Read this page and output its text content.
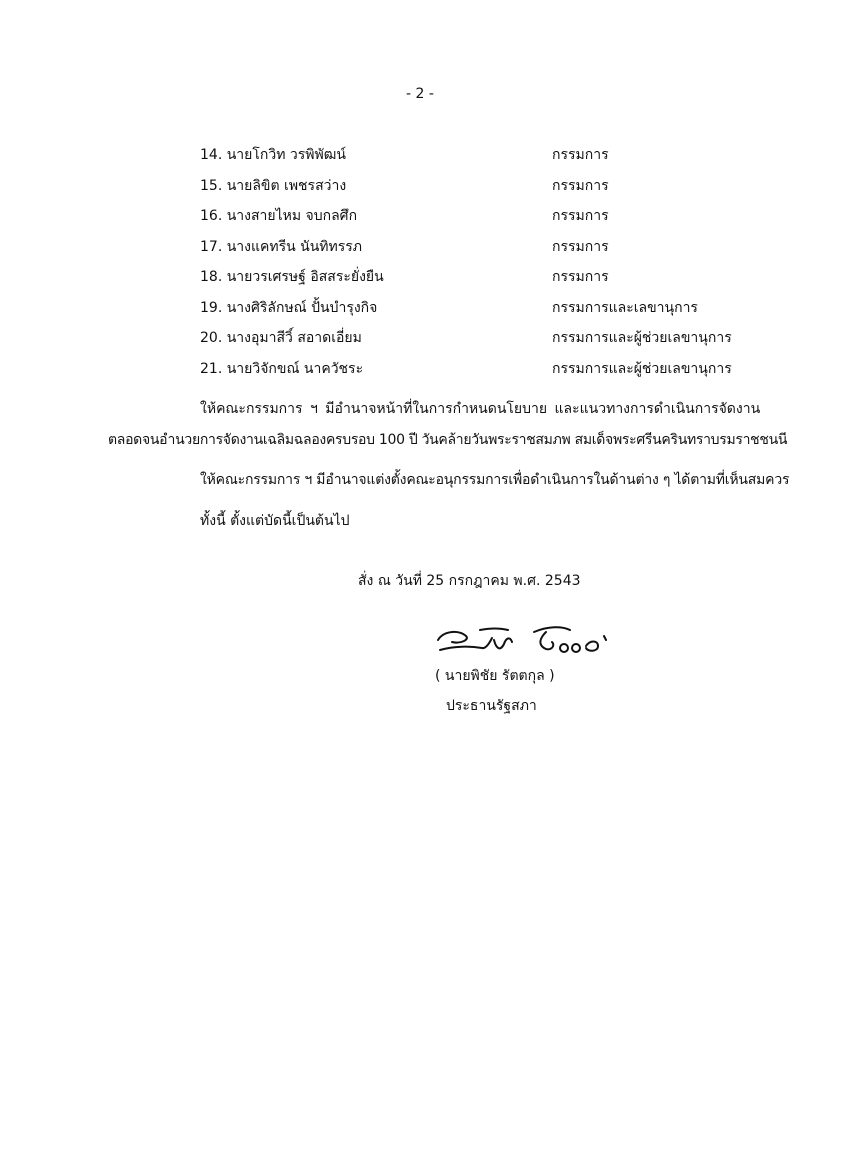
- 2 -
14. นายโกวิท วรพิพัฒน์	กรรมการ
15. นายลิขิต เพชรสว่าง	กรรมการ
16. นางสายไหม จบกลศึก	กรรมการ
17. นางแคทรีน นันทิทรรภ	กรรมการ
18. นายวรเศรษฐ์ อิสสระยั่งยืน	กรรมการ
19. นางศิริลักษณ์ ปั้นบำรุงกิจ	กรรมการและเลขานุการ
20. นางอุมาสีวิ์ สอาดเอี่ยม	กรรมการและผู้ช่วยเลขานุการ
21. นายวิจักขณ์ นาควัชระ	กรรมการและผู้ช่วยเลขานุการ
ให้คณะกรรมการ ฯ มีอำนาจหน้าที่ในการกำหนดนโยบาย และแนวทางการดำเนินการจัดงาน
ตลอดจนอำนวยการจัดงานเฉลิมฉลองครบรอบ 100 ปี วันคล้ายวันพระราชสมภพ สมเด็จพระศรีนครินทราบรมราชชนนี
ให้คณะกรรมการ ฯ มีอำนาจแต่งตั้งคณะอนุกรรมการเพื่อดำเนินการในด้านต่าง ๆ ได้ตามที่เห็นสมควร
ทั้งนี้ ตั้งแต่บัดนี้เป็นต้นไป
สั่ง ณ วันที่ 25 กรกฎาคม พ.ศ. 2543
( นายพิชัย รัตตกุล )
ประธานรัฐสภา
